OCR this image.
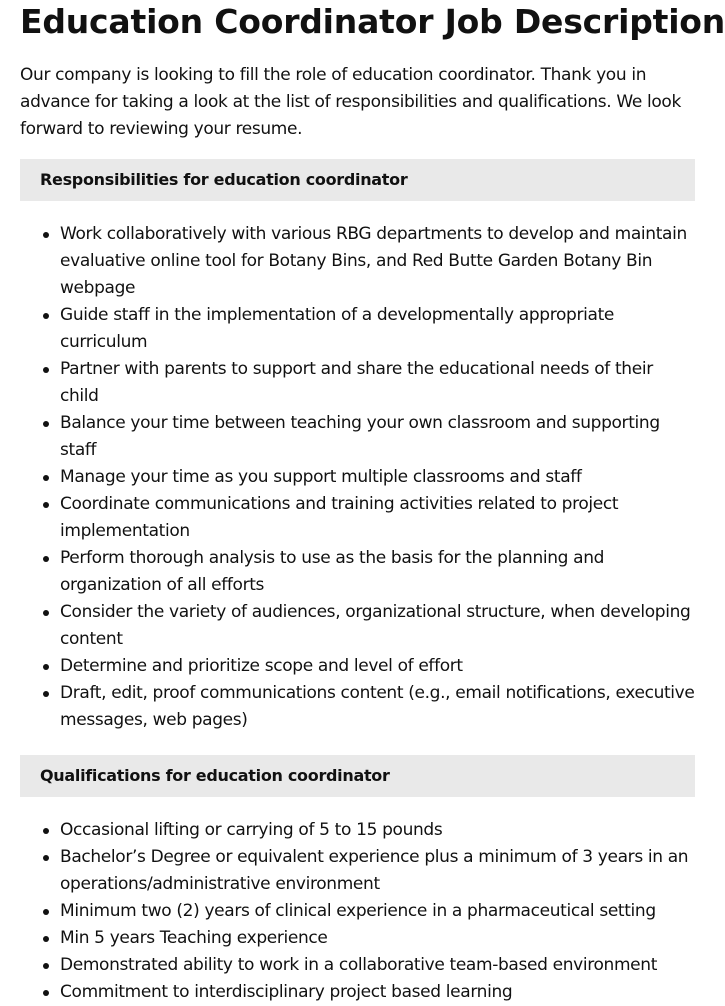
Education Coordinator Job Description

Our company is looking to fill the role of education coordinator. Thank you in advance for taking a look at the list of responsibilities and qualifications. We look forward to reviewing your resume.

Responsibilities for education coordinator
Work collaboratively with various RBG departments to develop and maintain evaluative online tool for Botany Bins, and Red Butte Garden Botany Bin webpage
Guide staff in the implementation of a developmentally appropriate curriculum
Partner with parents to support and share the educational needs of their child
Balance your time between teaching your own classroom and supporting staff
Manage your time as you support multiple classrooms and staff
Coordinate communications and training activities related to project implementation
Perform thorough analysis to use as the basis for the planning and organization of all efforts
Consider the variety of audiences, organizational structure, when developing content
Determine and prioritize scope and level of effort
Draft, edit, proof communications content (e.g., email notifications, executive messages, web pages)
Qualifications for education coordinator
Occasional lifting or carrying of 5 to 15 pounds
Bachelor’s Degree or equivalent experience plus a minimum of 3 years in an operations/administrative environment
Minimum two (2) years of clinical experience in a pharmaceutical setting
Min 5 years Teaching experience
Demonstrated ability to work in a collaborative team-based environment
Commitment to interdisciplinary project based learning
